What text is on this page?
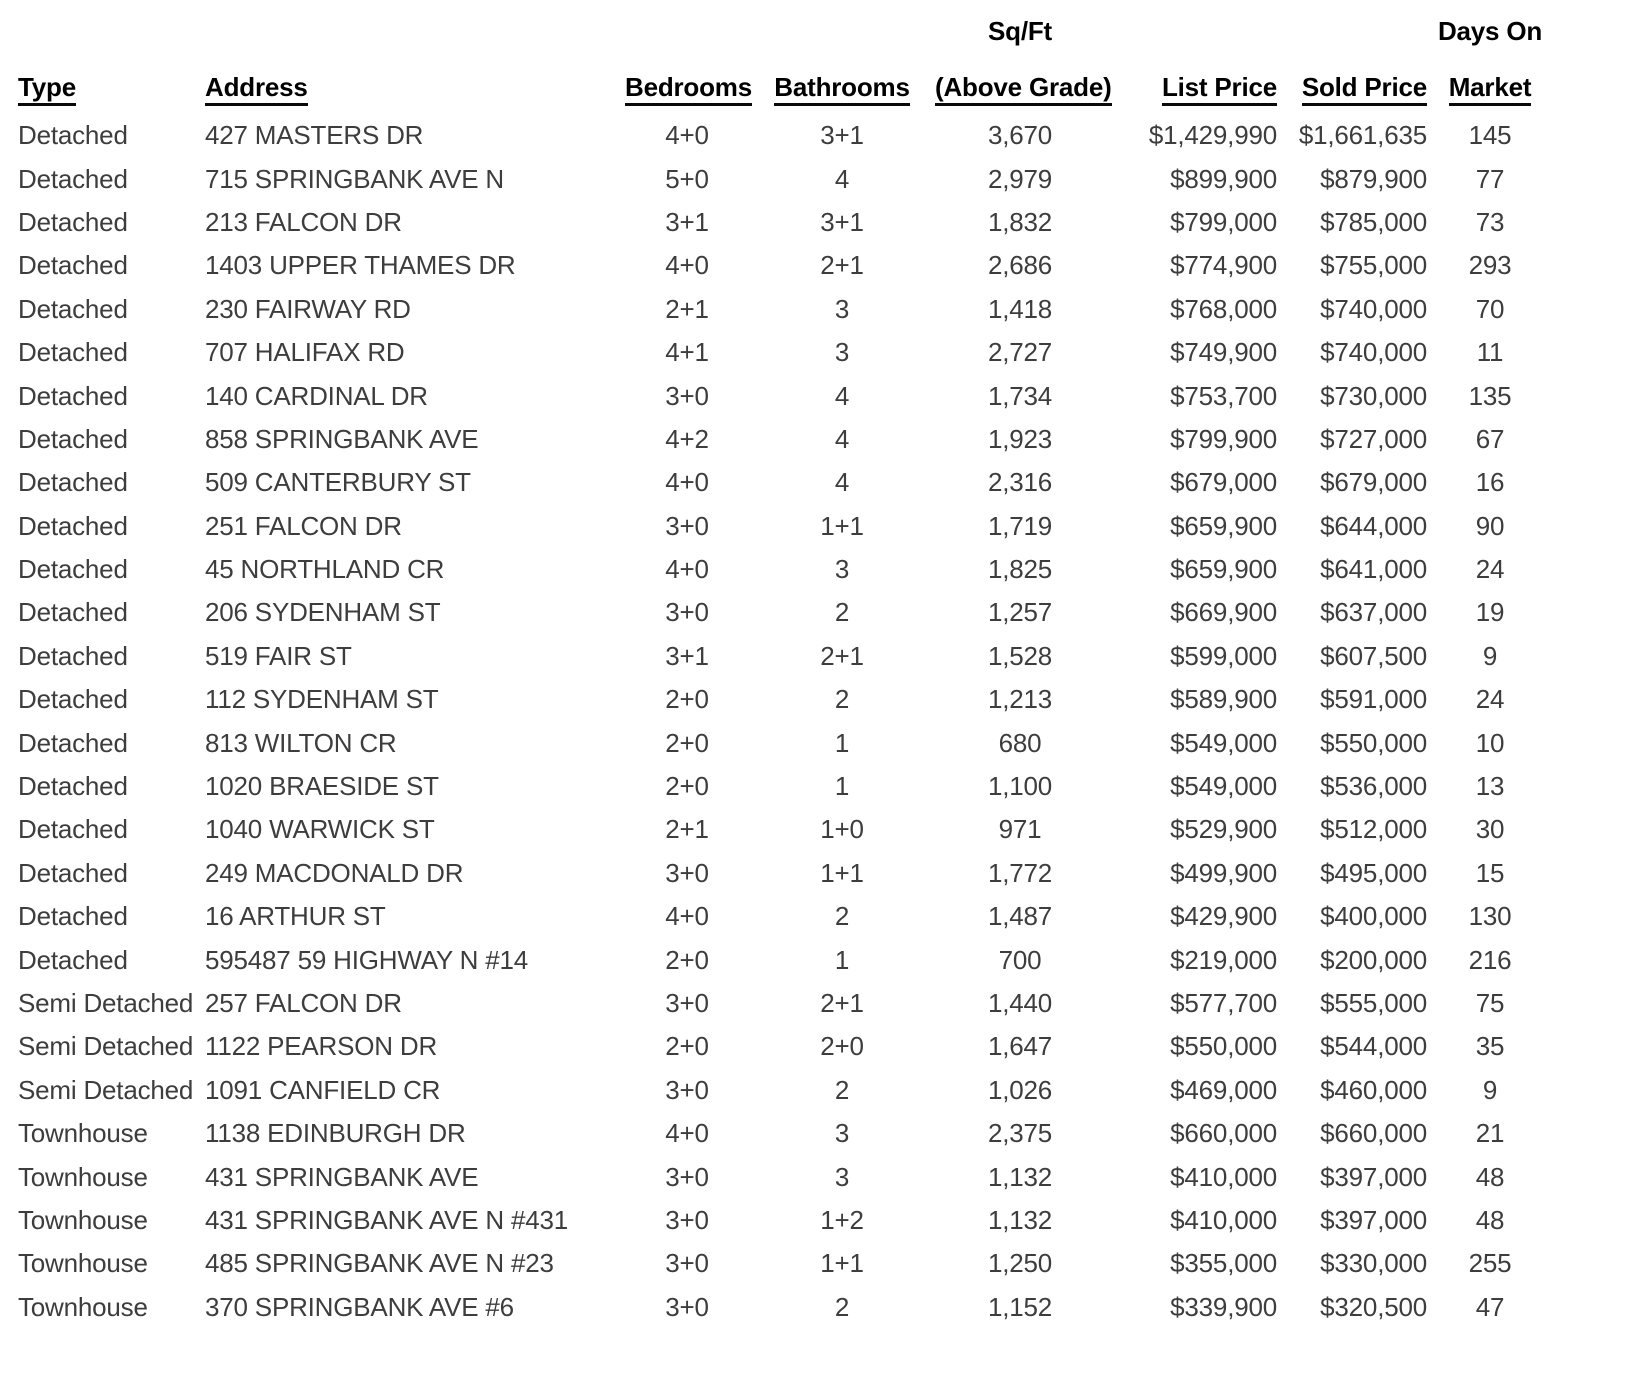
				Sq/Ft			Days On
Type	Address	Bedrooms	Bathrooms	(Above Grade)	List Price	Sold Price	Market
Detached	427 MASTERS DR	4+0	3+1	3,670	$1,429,990	$1,661,635	145
Detached	715 SPRINGBANK AVE N	5+0	4	2,979	$899,900	$879,900	77
Detached	213 FALCON DR	3+1	3+1	1,832	$799,000	$785,000	73
Detached	1403 UPPER THAMES DR	4+0	2+1	2,686	$774,900	$755,000	293
Detached	230 FAIRWAY RD	2+1	3	1,418	$768,000	$740,000	70
Detached	707 HALIFAX RD	4+1	3	2,727	$749,900	$740,000	11
Detached	140 CARDINAL DR	3+0	4	1,734	$753,700	$730,000	135
Detached	858 SPRINGBANK AVE	4+2	4	1,923	$799,900	$727,000	67
Detached	509 CANTERBURY ST	4+0	4	2,316	$679,000	$679,000	16
Detached	251 FALCON DR	3+0	1+1	1,719	$659,900	$644,000	90
Detached	45 NORTHLAND CR	4+0	3	1,825	$659,900	$641,000	24
Detached	206 SYDENHAM ST	3+0	2	1,257	$669,900	$637,000	19
Detached	519 FAIR ST	3+1	2+1	1,528	$599,000	$607,500	9
Detached	112 SYDENHAM ST	2+0	2	1,213	$589,900	$591,000	24
Detached	813 WILTON CR	2+0	1	680	$549,000	$550,000	10
Detached	1020 BRAESIDE ST	2+0	1	1,100	$549,000	$536,000	13
Detached	1040 WARWICK ST	2+1	1+0	971	$529,900	$512,000	30
Detached	249 MACDONALD DR	3+0	1+1	1,772	$499,900	$495,000	15
Detached	16 ARTHUR ST	4+0	2	1,487	$429,900	$400,000	130
Detached	595487 59 HIGHWAY N #14	2+0	1	700	$219,000	$200,000	216
Semi Detached	257 FALCON DR	3+0	2+1	1,440	$577,700	$555,000	75
Semi Detached	1122 PEARSON DR	2+0	2+0	1,647	$550,000	$544,000	35
Semi Detached	1091 CANFIELD CR	3+0	2	1,026	$469,000	$460,000	9
Townhouse	1138 EDINBURGH DR	4+0	3	2,375	$660,000	$660,000	21
Townhouse	431 SPRINGBANK AVE	3+0	3	1,132	$410,000	$397,000	48
Townhouse	431 SPRINGBANK AVE N #431	3+0	1+2	1,132	$410,000	$397,000	48
Townhouse	485 SPRINGBANK AVE N #23	3+0	1+1	1,250	$355,000	$330,000	255
Townhouse	370 SPRINGBANK AVE #6	3+0	2	1,152	$339,900	$320,500	47
